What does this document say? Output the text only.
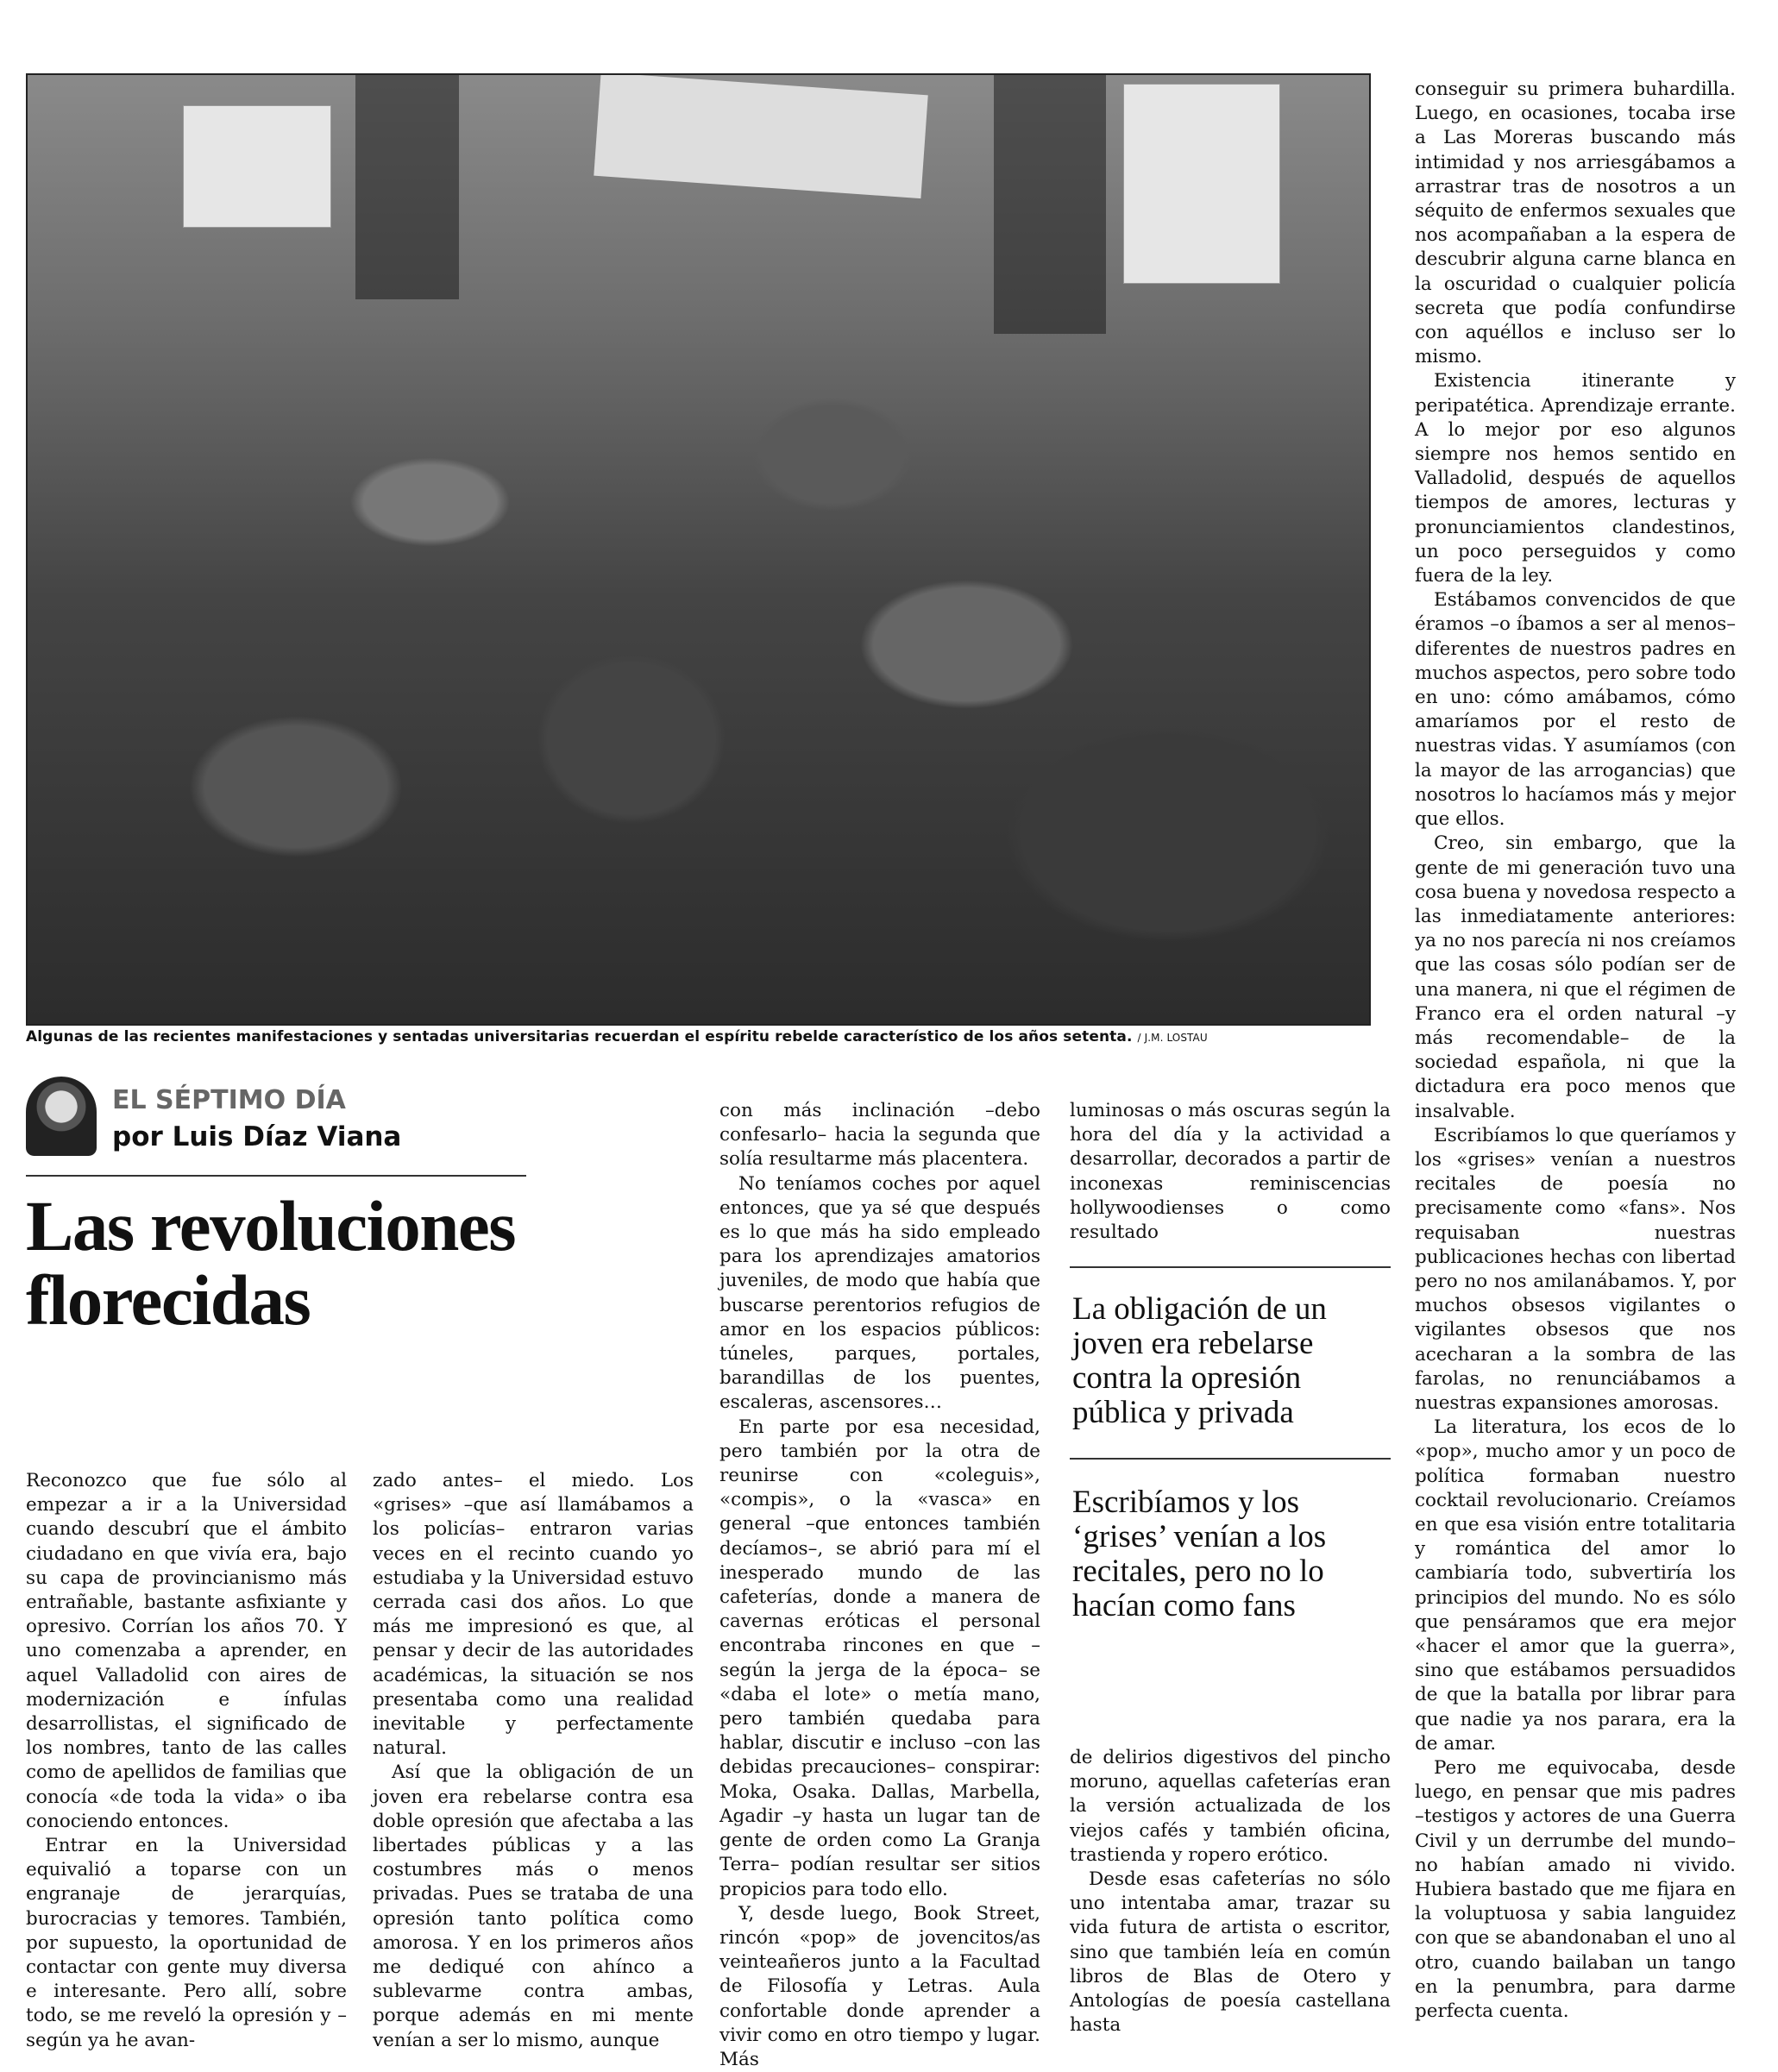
Algunas de las recientes manifestaciones y sentadas universitarias recuerdan el espíritu rebelde característico de los años setenta. / J.M. LOSTAU
EL SÉPTIMO DÍA
por Luis Díaz Viana
Las revoluciones
florecidas

Reconozco que fue sólo al empezar a ir a la Universidad cuando descubrí que el ámbito ciudadano en que vivía era, bajo su capa de provincianismo más entrañable, bastante asfixiante y opresivo. Corrían los años 70. Y uno comenzaba a aprender, en aquel Valladolid con aires de modernización e ínfulas desarrollistas, el significado de los nombres, tanto de las calles como de apellidos de familias que conocía «de toda la vida» o iba conociendo entonces.

Entrar en la Universidad equivalió a toparse con un engranaje de jerarquías, burocracias y temores. También, por supuesto, la oportunidad de contactar con gente muy diversa e interesante. Pero allí, sobre todo, se me reveló la opresión y –según ya he avan-

zado antes– el miedo. Los «grises» –que así llamábamos a los policías– entraron varias veces en el recinto cuando yo estudiaba y la Universidad estuvo cerrada casi dos años. Lo que más me impresionó es que, al pensar y decir de las autoridades académicas, la situación se nos presentaba como una realidad inevitable y perfectamente natural.

Así que la obligación de un joven era rebelarse contra esa doble opresión que afectaba a las libertades públicas y a las costumbres más o menos privadas. Pues se trataba de una opresión tanto política como amorosa. Y en los primeros años me dediqué con ahínco a sublevarme contra ambas, porque además en mi mente venían a ser lo mismo, aunque

con más inclinación –debo confesarlo– hacia la segunda que solía resultarme más placentera.

No teníamos coches por aquel entonces, que ya sé que después es lo que más ha sido empleado para los aprendizajes amatorios juveniles, de modo que había que buscarse perentorios refugios de amor en los espacios públicos: túneles, parques, portales, barandillas de los puentes, escaleras, ascensores…

En parte por esa necesidad, pero también por la otra de reunirse con «coleguis», «compis», o la «vasca» en general –que entonces también decíamos–, se abrió para mí el inesperado mundo de las cafeterías, donde a manera de cavernas eróticas el personal encontraba rincones en que –según la jerga de la época– se «daba el lote» o metía mano, pero también quedaba para hablar, discutir e incluso –con las debidas precauciones– conspirar: Moka, Osaka. Dallas, Marbella, Agadir –y hasta un lugar tan de gente de orden como La Granja Terra– podían resultar ser sitios propicios para todo ello.

Y, desde luego, Book Street, rincón «pop» de jovencitos/as veinteañeros junto a la Facultad de Filosofía y Letras. Aula confortable donde aprender a vivir como en otro tiempo y lugar. Más

luminosas o más oscuras según la hora del día y la actividad a desarrollar, decorados a partir de inconexas reminiscencias hollywoodienses o como resultado

La obligación de un joven era rebelarse contra la opresión pública y privada
Escribíamos y los ‘grises’ venían a los recitales, pero no lo hacían como fans

de delirios digestivos del pincho moruno, aquellas cafeterías eran la versión actualizada de los viejos cafés y también oficina, trastienda y ropero erótico.

Desde esas cafeterías no sólo uno intentaba amar, trazar su vida futura de artista o escritor, sino que también leía en común libros de Blas de Otero y Antologías de poesía castellana hasta

conseguir su primera buhardilla. Luego, en ocasiones, tocaba irse a Las Moreras buscando más intimidad y nos arriesgábamos a arrastrar tras de nosotros a un séquito de enfermos sexuales que nos acompañaban a la espera de descubrir alguna carne blanca en la oscuridad o cualquier policía secreta que podía confundirse con aquéllos e incluso ser lo mismo.

Existencia itinerante y peripatética. Aprendizaje errante. A lo mejor por eso algunos siempre nos hemos sentido en Valladolid, después de aquellos tiempos de amores, lecturas y pronunciamientos clandestinos, un poco perseguidos y como fuera de la ley.

Estábamos convencidos de que éramos –o íbamos a ser al menos– diferentes de nuestros padres en muchos aspectos, pero sobre todo en uno: cómo amábamos, cómo amaríamos por el resto de nuestras vidas. Y asumíamos (con la mayor de las arrogancias) que nosotros lo hacíamos más y mejor que ellos.

Creo, sin embargo, que la gente de mi generación tuvo una cosa buena y novedosa respecto a las inmediatamente anteriores: ya no nos parecía ni nos creíamos que las cosas sólo podían ser de una manera, ni que el régimen de Franco era el orden natural –y más recomendable– de la sociedad española, ni que la dictadura era poco menos que insalvable.

Escribíamos lo que queríamos y los «grises» venían a nuestros recitales de poesía no precisamente como «fans». Nos requisaban nuestras publicaciones hechas con libertad pero no nos amilanábamos. Y, por muchos obsesos vigilantes o vigilantes obsesos que nos acecharan a la sombra de las farolas, no renunciábamos a nuestras expansiones amorosas.

La literatura, los ecos de lo «pop», mucho amor y un poco de política formaban nuestro cocktail revolucionario. Creíamos en que esa visión entre totalitaria y romántica del amor lo cambiaría todo, subvertiría los principios del mundo. No es sólo que pensáramos que era mejor «hacer el amor que la guerra», sino que estábamos persuadidos de que la batalla por librar para que nadie ya nos parara, era la de amar.

Pero me equivocaba, desde luego, en pensar que mis padres –testigos y actores de una Guerra Civil y un derrumbe del mundo– no habían amado ni vivido. Hubiera bastado que me fijara en la voluptuosa y sabia languidez con que se abandonaban el uno al otro, cuando bailaban un tango en la penumbra, para darme perfecta cuenta.
